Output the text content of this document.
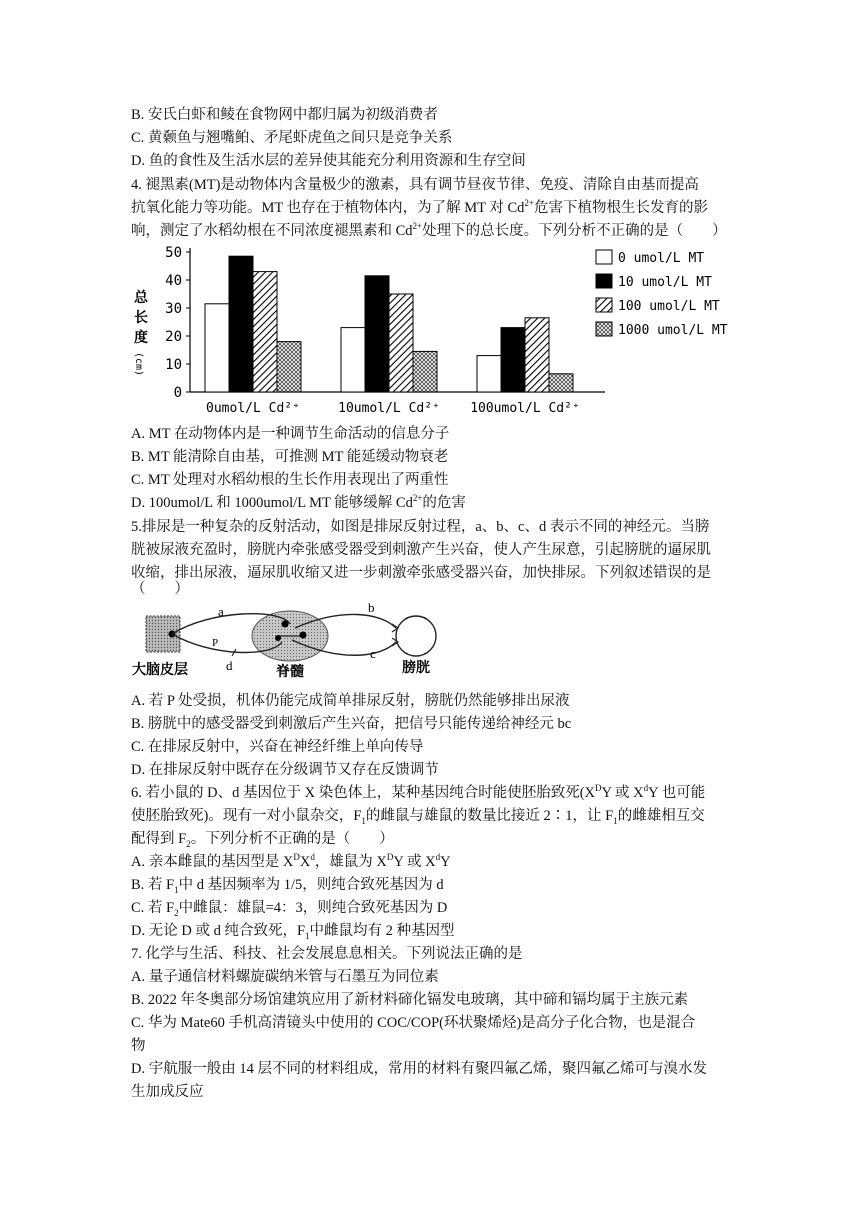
B. 安氏白虾和鲮在食物网中都归属为初级消费者
C. 黄颡鱼与翘嘴鲌、矛尾虾虎鱼之间只是竞争关系
D. 鱼的食性及生活水层的差异使其能充分利用资源和生存空间
4. 褪黑素(MT)是动物体内含量极少的激素，具有调节昼夜节律、免疫、清除自由基而提高
抗氧化能力等功能。MT 也存在于植物体内，为了解 MT 对 $Cd^{2+}$危害下植物根生长发育的影
响，测定了水稻幼根在不同浓度褪黑素和 $Cd^{2+}$处理下的总长度。下列分析不正确的是（　　）
0
10
20
30
40
50
总长度
(cm)
0umol/L Cd²⁺	10umol/L Cd²⁺ 100umol/L Cd²⁺
0 umol/L MT
10 umol/L MT
100 umol/L MT
1000 umol/L MT
A. MT 在动物体内是一种调节生命活动的信息分子
B. MT 能清除自由基，可推测 MT 能延缓动物衰老
C. MT 处理对水稻幼根的生长作用表现出了两重性
D. 100umol/L 和 1000umol/L MT 能够缓解 $Cd^{2+}$的危害
5.排尿是一种复杂的反射活动，如图是排尿反射过程，a、b、c、d 表示不同的神经元。当膀
胱被尿液充盈时，膀胱内牵张感受器受到刺激产生兴奋，使人产生尿意，引起膀胱的逼尿肌
收缩，排出尿液，逼尿肌收缩又进一步刺激牵张感受器兴奋，加快排尿。下列叙述错误的是
（　　）
a	b
c
d
P
大脑皮层	脊髓	膀胱
A. 若 P 处受损，机体仍能完成简单排尿反射，膀胱仍然能够排出尿液
B. 膀胱中的感受器受到刺激后产生兴奋，把信号只能传递给神经元 bc
C. 在排尿反射中，兴奋在神经纤维上单向传导
D. 在排尿反射中既存在分级调节又存在反馈调节
6. 若小鼠的 D、d 基因位于 X 染色体上，某种基因纯合时能使胚胎致死($X^DY$ 或 $X^dY$ 也可能
使胚胎致死)。现有一对小鼠杂交，$F_1$的雌鼠与雄鼠的数量比接近 2∶1，让 $F_1$的雌雄相互交
配得到 $F_2$。下列分析不正确的是（　　）
A. 亲本雌鼠的基因型是 $X^DX^d$，雄鼠为 $X^DY$ 或 $X^dY$
B. 若 $F_1$中 d 基因频率为 1/5，则纯合致死基因为 d
C. 若 $F_2$中雌鼠：雄鼠=4：3，则纯合致死基因为 D
D. 无论 D 或 d 纯合致死，$F_1$中雌鼠均有 2 种基因型
7. 化学与生活、科技、社会发展息息相关。下列说法正确的是
A. 量子通信材料螺旋碳纳米管与石墨互为同位素
B. 2022 年冬奥部分场馆建筑应用了新材料碲化镉发电玻璃，其中碲和镉均属于主族元素
C. 华为 Mate60 手机高清镜头中使用的 COC/COP(环状聚烯烃)是高分子化合物，也是混合
物
D. 宇航服一般由 14 层不同的材料组成，常用的材料有聚四氟乙烯，聚四氟乙烯可与溴水发
生加成反应
